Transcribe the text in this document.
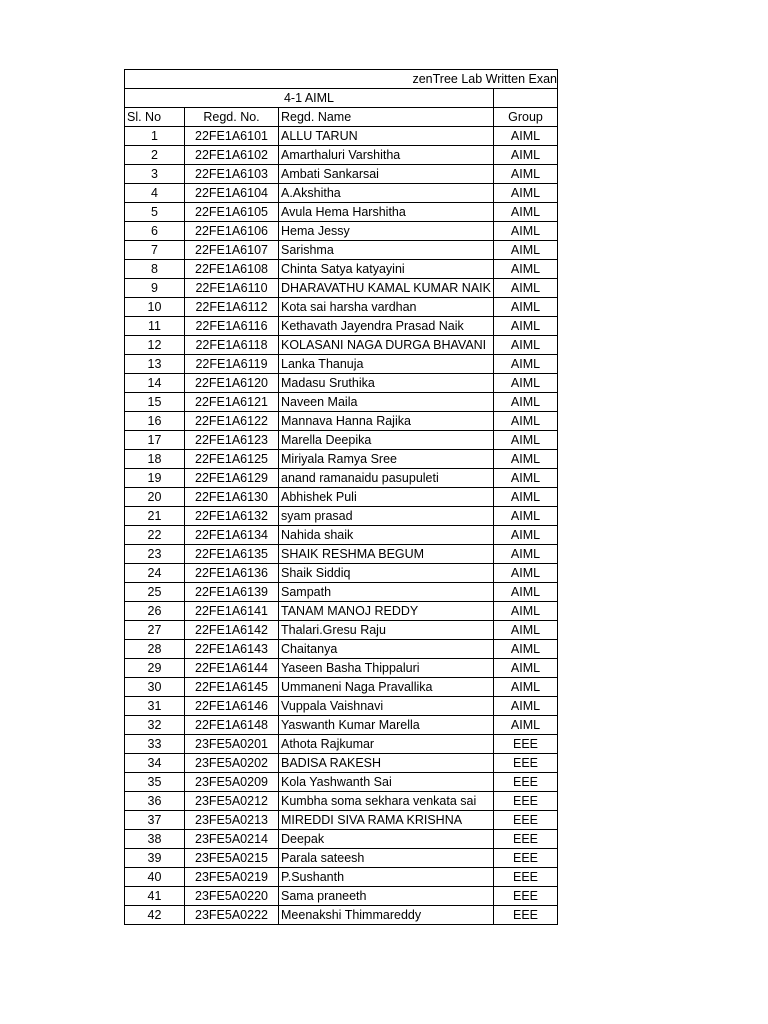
zenTree Lab Written Exan			
4-1 AIML			
Sl. No	Regd. No.	Regd. Name	Group
1	22FE1A6101	ALLU TARUN	AIML
2	22FE1A6102	Amarthaluri Varshitha	AIML
3	22FE1A6103	Ambati Sankarsai	AIML
4	22FE1A6104	A.Akshitha	AIML
5	22FE1A6105	Avula Hema Harshitha	AIML
6	22FE1A6106	Hema Jessy	AIML
7	22FE1A6107	Sarishma	AIML
8	22FE1A6108	Chinta Satya katyayini	AIML
9	22FE1A6110	DHARAVATHU KAMAL KUMAR NAIK	AIML
10	22FE1A6112	Kota sai harsha vardhan	AIML
11	22FE1A6116	Kethavath Jayendra Prasad Naik	AIML
12	22FE1A6118	KOLASANI NAGA DURGA BHAVANI	AIML
13	22FE1A6119	Lanka Thanuja	AIML
14	22FE1A6120	Madasu Sruthika	AIML
15	22FE1A6121	Naveen Maila	AIML
16	22FE1A6122	Mannava Hanna Rajika	AIML
17	22FE1A6123	Marella Deepika	AIML
18	22FE1A6125	Miriyala Ramya Sree	AIML
19	22FE1A6129	anand ramanaidu pasupuleti	AIML
20	22FE1A6130	Abhishek Puli	AIML
21	22FE1A6132	syam prasad	AIML
22	22FE1A6134	Nahida shaik	AIML
23	22FE1A6135	SHAIK RESHMA BEGUM	AIML
24	22FE1A6136	Shaik Siddiq	AIML
25	22FE1A6139	Sampath	AIML
26	22FE1A6141	TANAM MANOJ REDDY	AIML
27	22FE1A6142	Thalari.Gresu Raju	AIML
28	22FE1A6143	Chaitanya	AIML
29	22FE1A6144	Yaseen Basha Thippaluri	AIML
30	22FE1A6145	Ummaneni Naga Pravallika	AIML
31	22FE1A6146	Vuppala Vaishnavi	AIML
32	22FE1A6148	Yaswanth Kumar Marella	AIML
33	23FE5A0201	Athota Rajkumar	EEE
34	23FE5A0202	BADISA RAKESH	EEE
35	23FE5A0209	Kola Yashwanth Sai	EEE
36	23FE5A0212	Kumbha soma sekhara venkata sai	EEE
37	23FE5A0213	MIREDDI SIVA RAMA KRISHNA	EEE
38	23FE5A0214	Deepak	EEE
39	23FE5A0215	Parala sateesh	EEE
40	23FE5A0219	P.Sushanth	EEE
41	23FE5A0220	Sama praneeth	EEE
42	23FE5A0222	Meenakshi Thimmareddy	EEE
